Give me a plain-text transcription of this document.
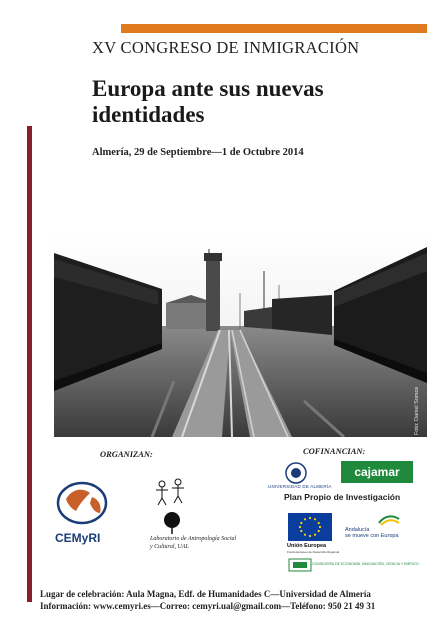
XV CONGRESO DE INMIGRACIÓN
Europa ante sus nuevas
identidades
Almería, 29 de Septiembre—1 de Octubre 2014
Foto: Daniel Somos
ORGANIZAN:	COFINANCIAN:
CEMyRI	Laboratorio de Antropología Social
y Cultural, UAL
UNIVERSIDAD DE ALMERÍA
cajamar
Plan Propio de Investigación
Unión Europea
Fondo Europeo de Desarrollo Regional
Andalucía
se mueve con Europa
CONSEJERÍA DE ECONOMÍA, INNOVACIÓN, CIENCIA Y EMPLEO
Lugar de celebración: Aula Magna, Edf. de Humanidades C—Universidad de Almería
Información: www.cemyri.es—Correo: cemyri.ual@gmail.com—Teléfono: 950 21 49 31
